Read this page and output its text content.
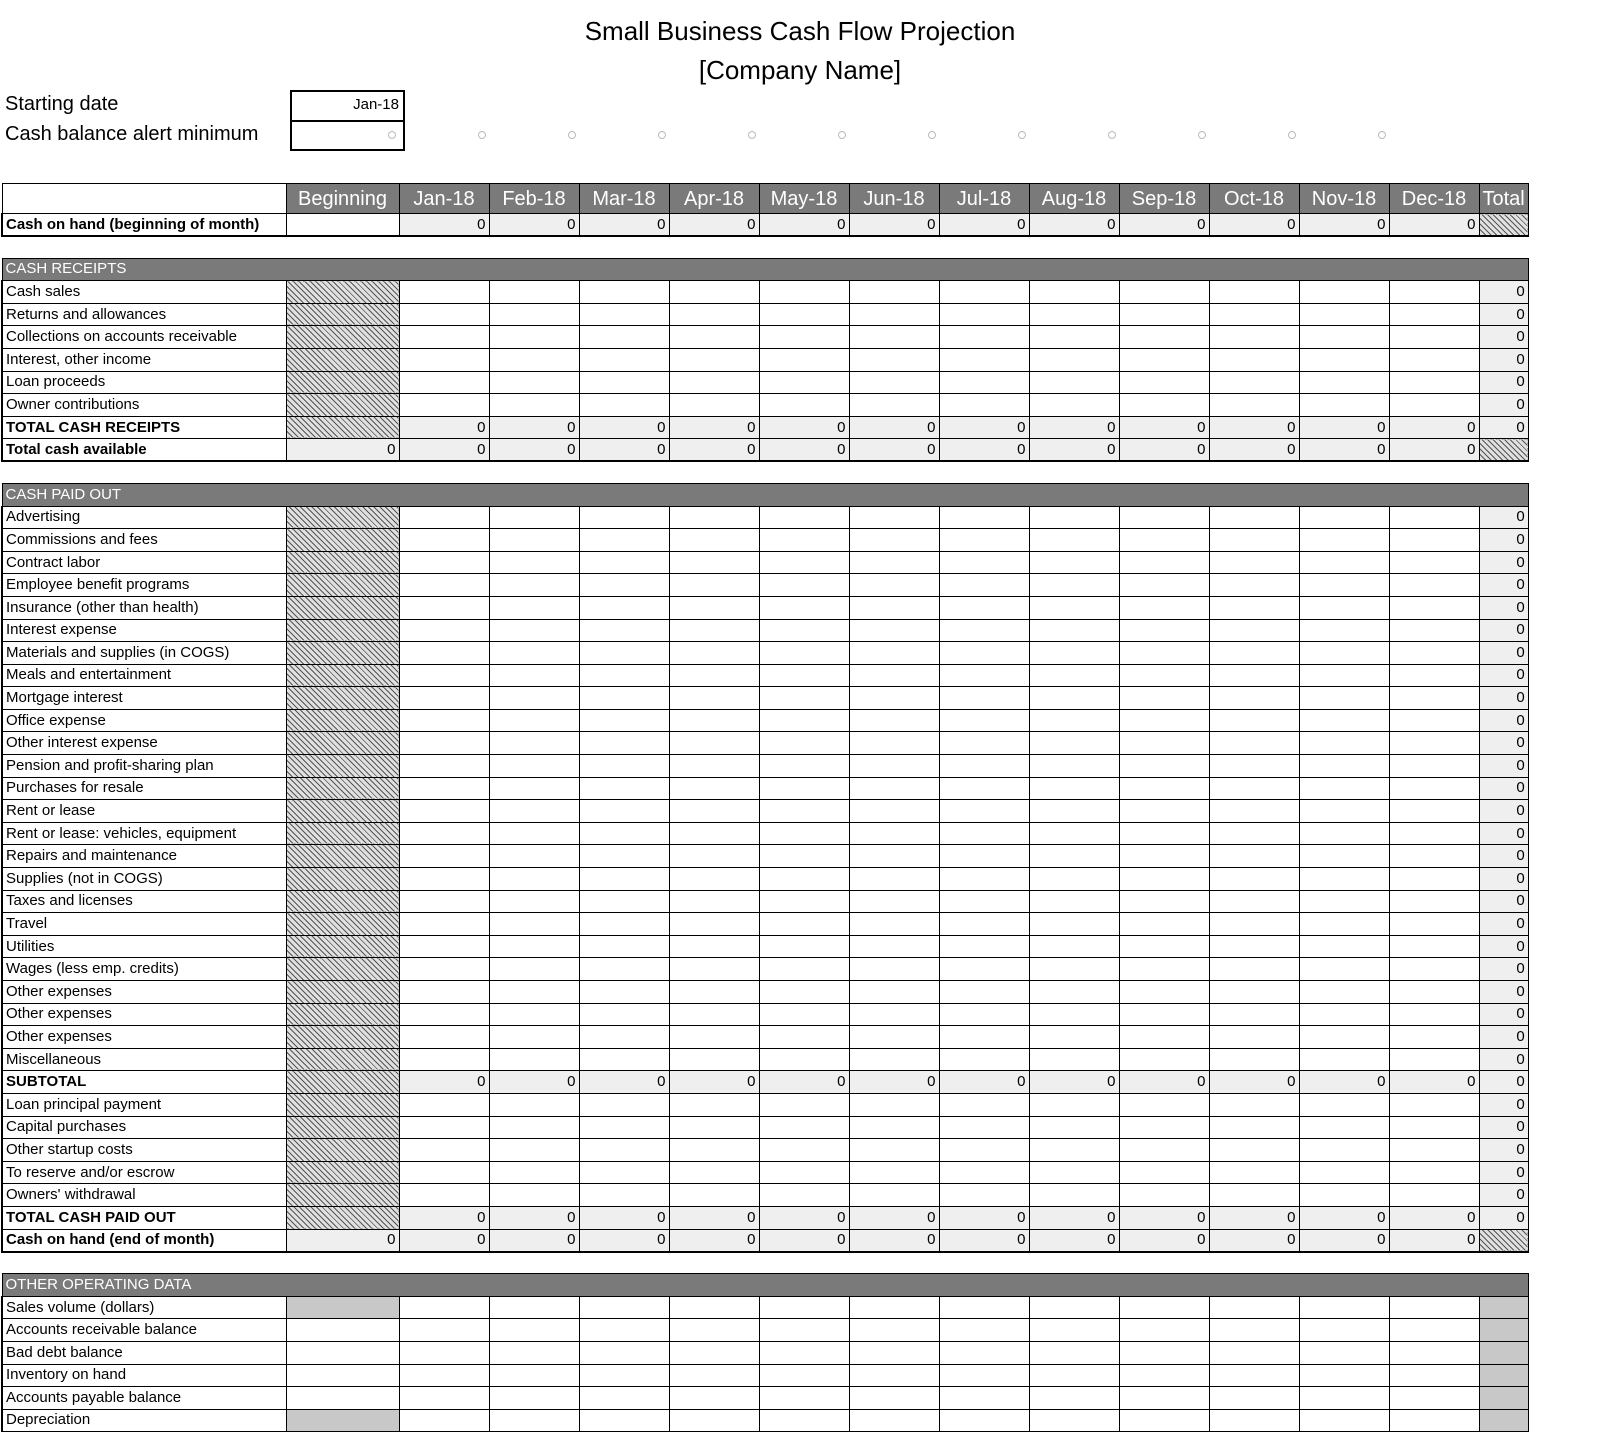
Small Business Cash Flow Projection
[Company Name]
Starting date	Jan-18
Cash balance alert minimum
	Beginning	Jan-18	Feb-18	Mar-18	Apr-18	May-18	Jun-18	Jul-18	Aug-18	Sep-18	Oct-18	Nov-18	Dec-18	Total
Cash on hand (beginning of month)		0	0	0	0	0	0	0	0	0	0	0	0	

CASH RECEIPTS														
Cash sales														0
Returns and allowances														0
Collections on accounts receivable														0
Interest, other income														0
Loan proceeds														0
Owner contributions														0
TOTAL CASH RECEIPTS		0	0	0	0	0	0	0	0	0	0	0	0	0
Total cash available	0	0	0	0	0	0	0	0	0	0	0	0	0	

CASH PAID OUT														
Advertising														0
Commissions and fees														0
Contract labor														0
Employee benefit programs														0
Insurance (other than health)														0
Interest expense														0
Materials and supplies (in COGS)														0
Meals and entertainment														0
Mortgage interest														0
Office expense														0
Other interest expense														0
Pension and profit-sharing plan														0
Purchases for resale														0
Rent or lease														0
Rent or lease: vehicles, equipment														0
Repairs and maintenance														0
Supplies (not in COGS)														0
Taxes and licenses														0
Travel														0
Utilities														0
Wages (less emp. credits)														0
Other expenses														0
Other expenses														0
Other expenses														0
Miscellaneous														0
SUBTOTAL		0	0	0	0	0	0	0	0	0	0	0	0	0
Loan principal payment														0
Capital purchases														0
Other startup costs														0
To reserve and/or escrow														0
Owners' withdrawal														0
TOTAL CASH PAID OUT		0	0	0	0	0	0	0	0	0	0	0	0	0
Cash on hand (end of month)	0	0	0	0	0	0	0	0	0	0	0	0	0	

OTHER OPERATING DATA														
Sales volume (dollars)														
Accounts receivable balance														
Bad debt balance														
Inventory on hand														
Accounts payable balance														
Depreciation														
